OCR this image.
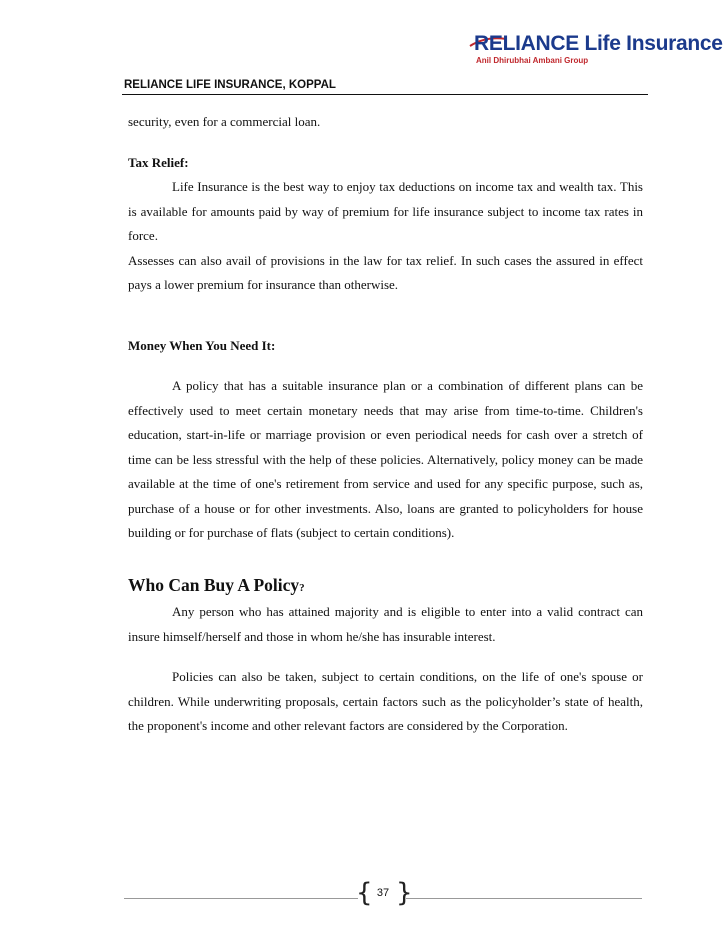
RELIANCE Life Insurance
Anil Dhirubhai Ambani Group
RELIANCE LIFE INSURANCE, KOPPAL

security, even for a commercial loan.

Tax Relief:

Life Insurance is the best way to enjoy tax deductions on income tax and wealth tax. This is available for amounts paid by way of premium for life insurance subject to income tax rates in force.

Assesses can also avail of provisions in the law for tax relief. In such cases the assured in effect pays a lower premium for insurance than otherwise.

Money When You Need It:

A policy that has a suitable insurance plan or a combination of different plans can be effectively used to meet certain monetary needs that may arise from time-to-time. Children's education, start-in-life or marriage provision or even periodical needs for cash over a stretch of time can be less stressful with the help of these policies. Alternatively, policy money can be made available at the time of one's retirement from service and used for any specific purpose, such as, purchase of a house or for other investments. Also, loans are granted to policyholders for house building or for purchase of flats (subject to certain conditions).

Who Can Buy A Policy?

Any person who has attained majority and is eligible to enter into a valid contract can insure himself/herself and those in whom he/she has insurable interest.

Policies can also be taken, subject to certain conditions, on the life of one's spouse or children. While underwriting proposals, certain factors such as the policyholder’s state of health, the proponent's income and other relevant factors are considered by the Corporation.

{ 37 }
